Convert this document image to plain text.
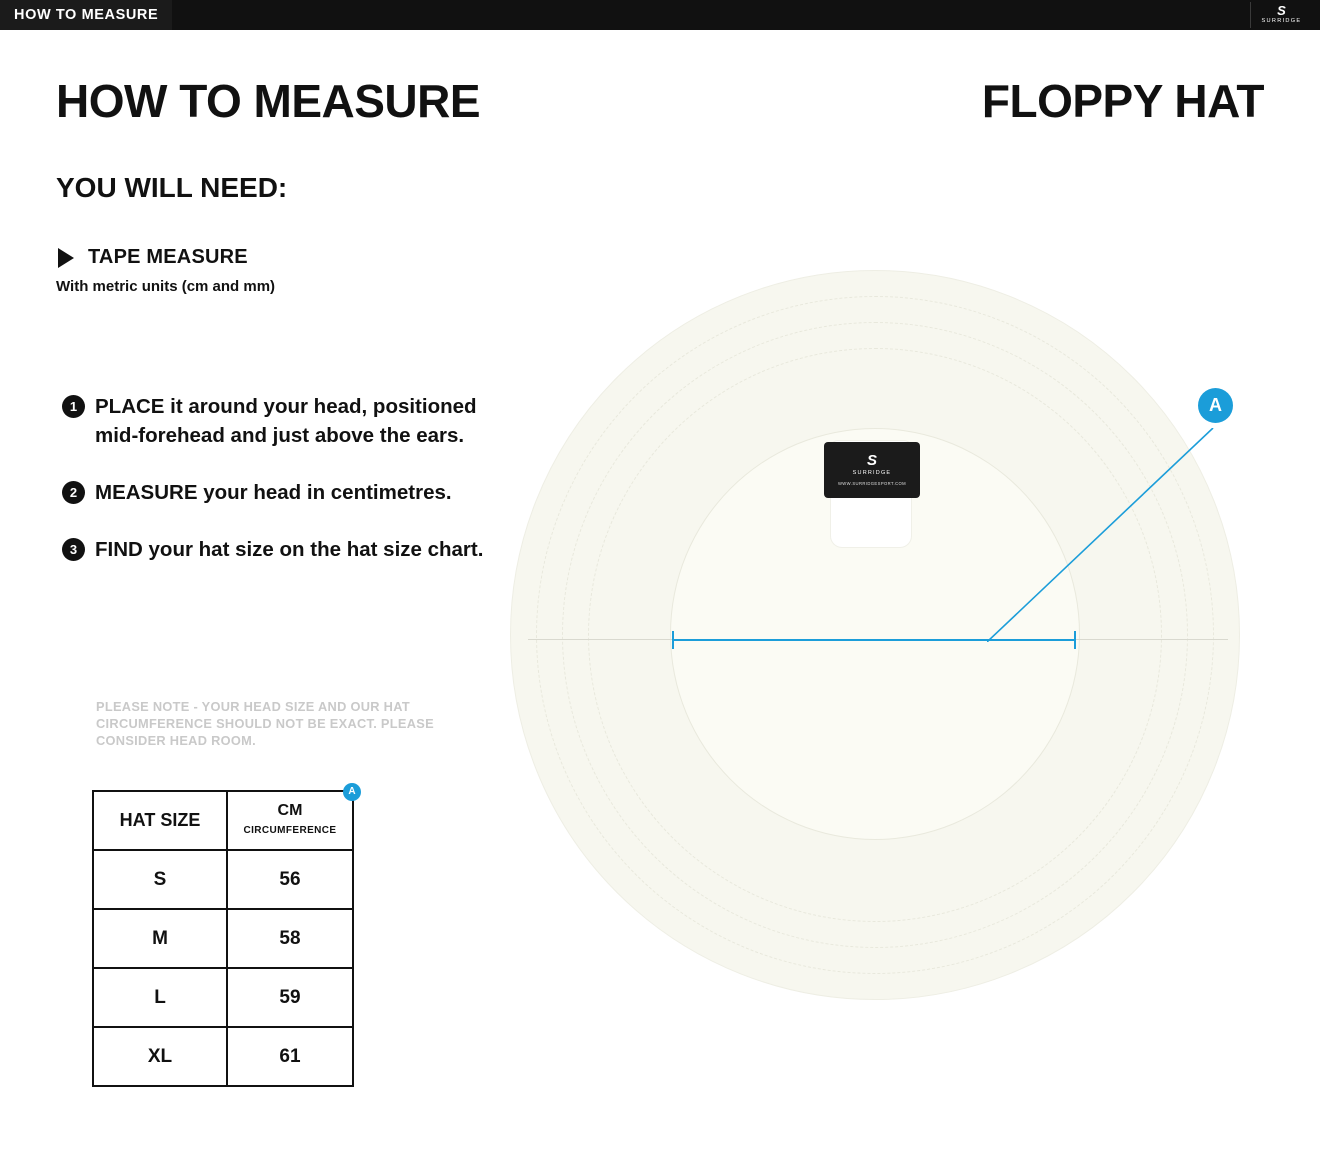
HOW TO MEASURE	S
SURRIDGE
HOW TO MEASURE	FLOPPY HAT
YOU WILL NEED:
TAPE MEASURE
With metric units (cm and mm)
1 PLACE it around your head, positioned mid-forehead and just above the ears.
2 MEASURE your head in centimetres.
3 FIND your hat size on the hat size chart.
PLEASE NOTE - YOUR HEAD SIZE AND OUR HAT CIRCUMFERENCE SHOULD NOT BE EXACT. PLEASE CONSIDER HEAD ROOM.
HAT SIZE	CM
CIRCUMFERENCE
A

S	56
M	58
L	59
XL	61
S
SURRIDGE
WWW.SURRIDGESPORT.COM
A
